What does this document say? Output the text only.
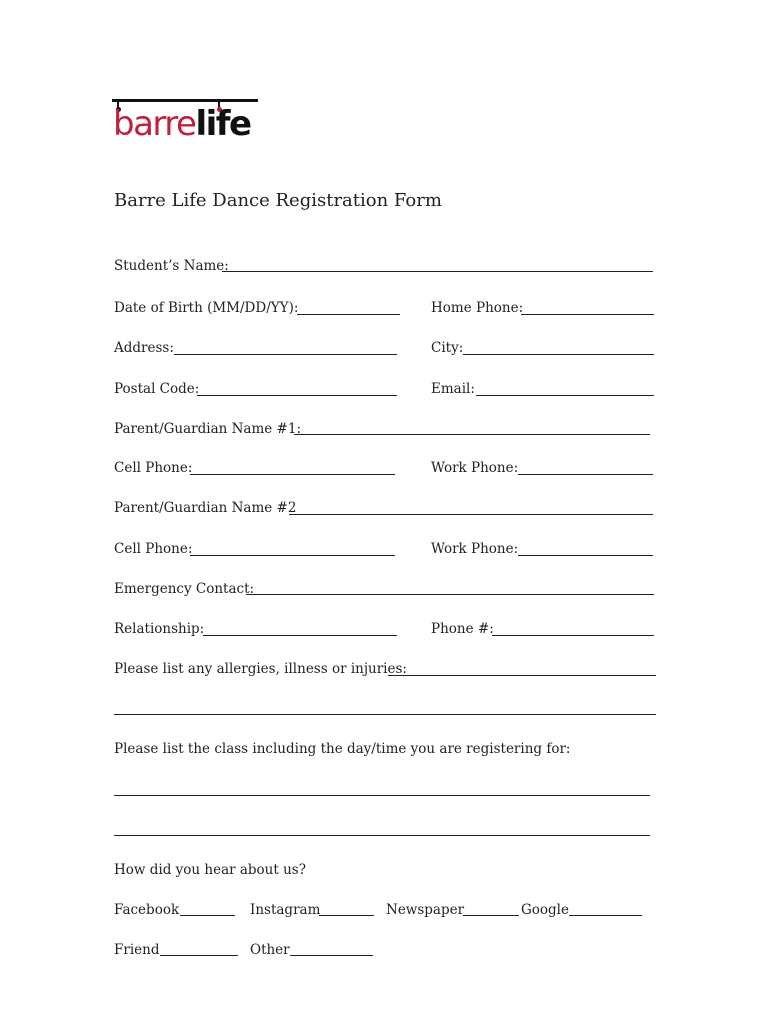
barrelife
Barre Life Dance Registration Form
Student’s Name:
Date of Birth (MM/DD/YY):	Home Phone:
Address:	City:
Postal Code:	Email:
Parent/Guardian Name #1:
Cell Phone:	Work Phone:
Parent/Guardian Name #2
Cell Phone:	Work Phone:
Emergency Contact:
Relationship:	Phone #:
Please list any allergies, illness or injuries:
Please list the class including the day/time you are registering for:
How did you hear about us?
Facebook	Instagram	Newspaper	Google
Friend	Other
